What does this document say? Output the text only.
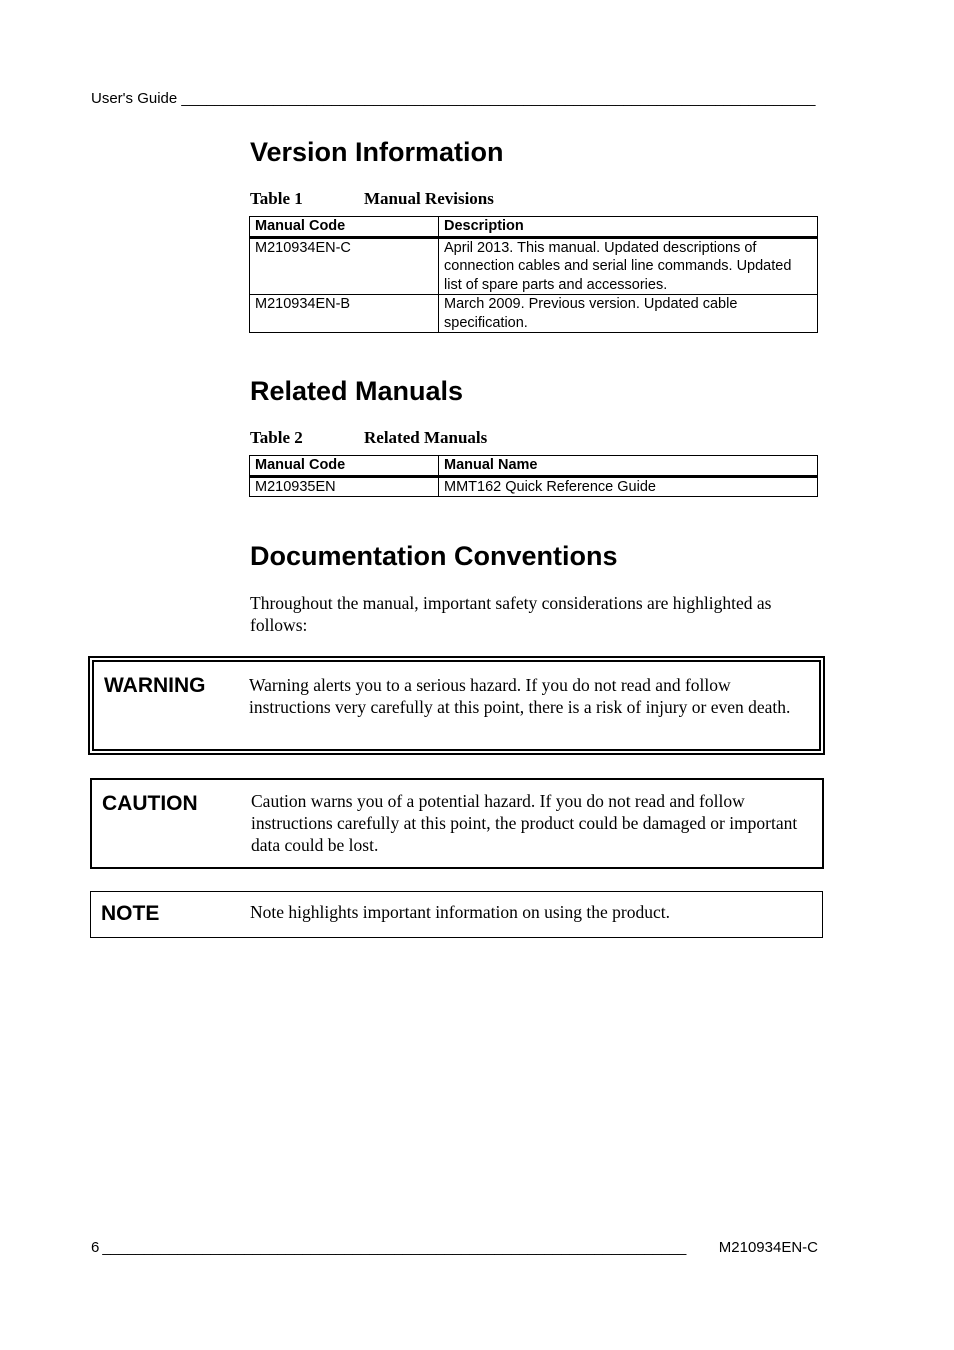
User's Guide ____________________________________________________________________________
Version Information
Table 1	Manual Revisions
Manual Code	Description
M210934EN-C	April 2013. This manual. Updated descriptions of connection cables and serial line commands. Updated list of spare parts and accessories.
M210934EN-B	March 2009. Previous version. Updated cable specification.
Related Manuals
Table 2	Related Manuals
Manual Code	Manual Name
M210935EN	MMT162 Quick Reference Guide
Documentation Conventions
Throughout the manual, important safety considerations are highlighted as follows:
WARNING Warning alerts you to a serious hazard. If you do not read and follow instructions very carefully at this point, there is a risk of injury or even death.
CAUTION	Caution warns you of a potential hazard. If you do not read and follow instructions carefully at this point, the product could be damaged or important data could be lost.
NOTE	Note highlights important information on using the product.
6 ______________________________________________________________________	M210934EN-C
